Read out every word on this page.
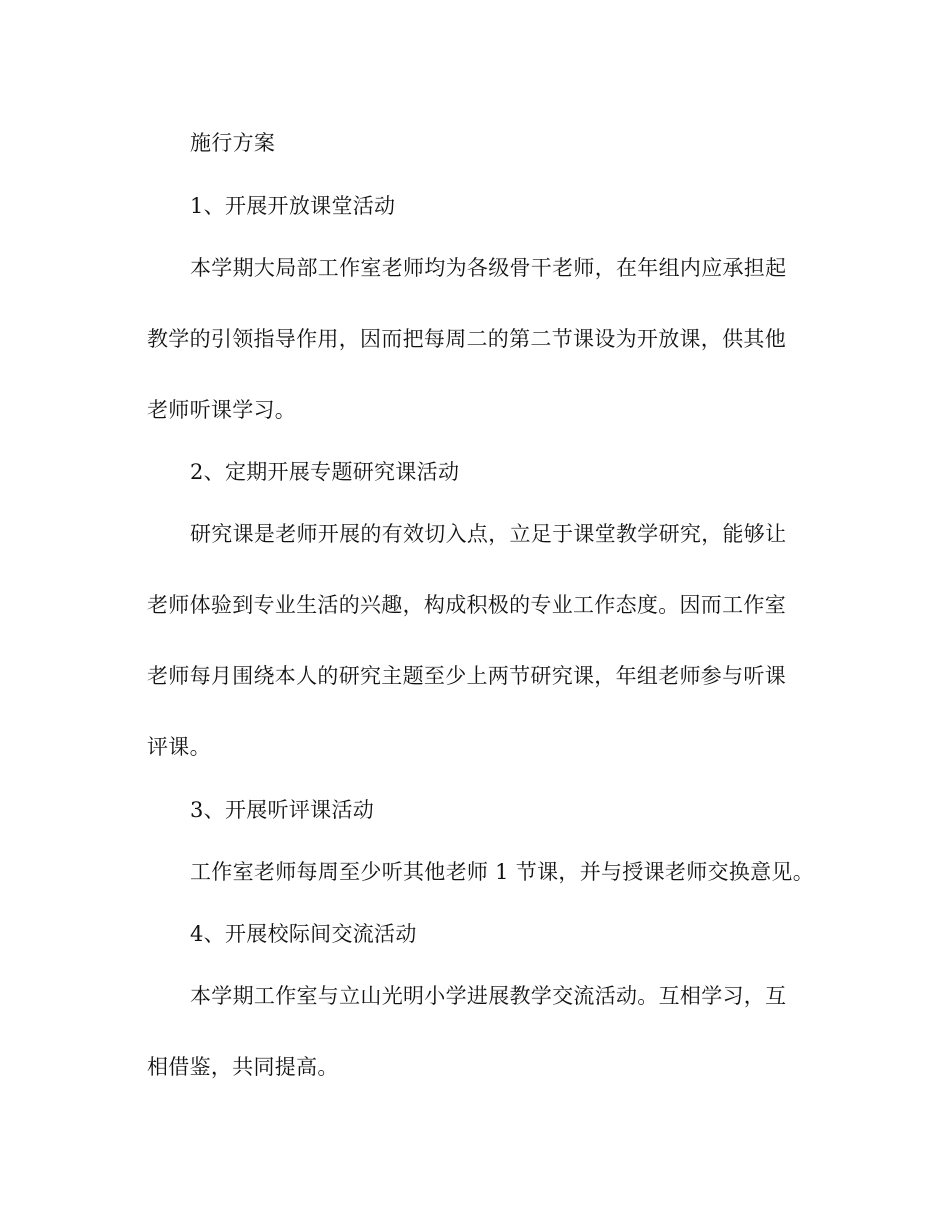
施行方案
1、开展开放课堂活动
本学期大局部工作室老师均为各级骨干老师，在年组内应承担起
教学的引领指导作用，因而把每周二的第二节课设为开放课，供其他
老师听课学习。
2、定期开展专题研究课活动
研究课是老师开展的有效切入点，立足于课堂教学研究，能够让
老师体验到专业生活的兴趣，构成积极的专业工作态度。因而工作室
老师每月围绕本人的研究主题至少上两节研究课，年组老师参与听课
评课。
3、开展听评课活动
工作室老师每周至少听其他老师 1 节课，并与授课老师交换意见。
4、开展校际间交流活动
本学期工作室与立山光明小学进展教学交流活动。互相学习，互
相借鉴，共同提高。
